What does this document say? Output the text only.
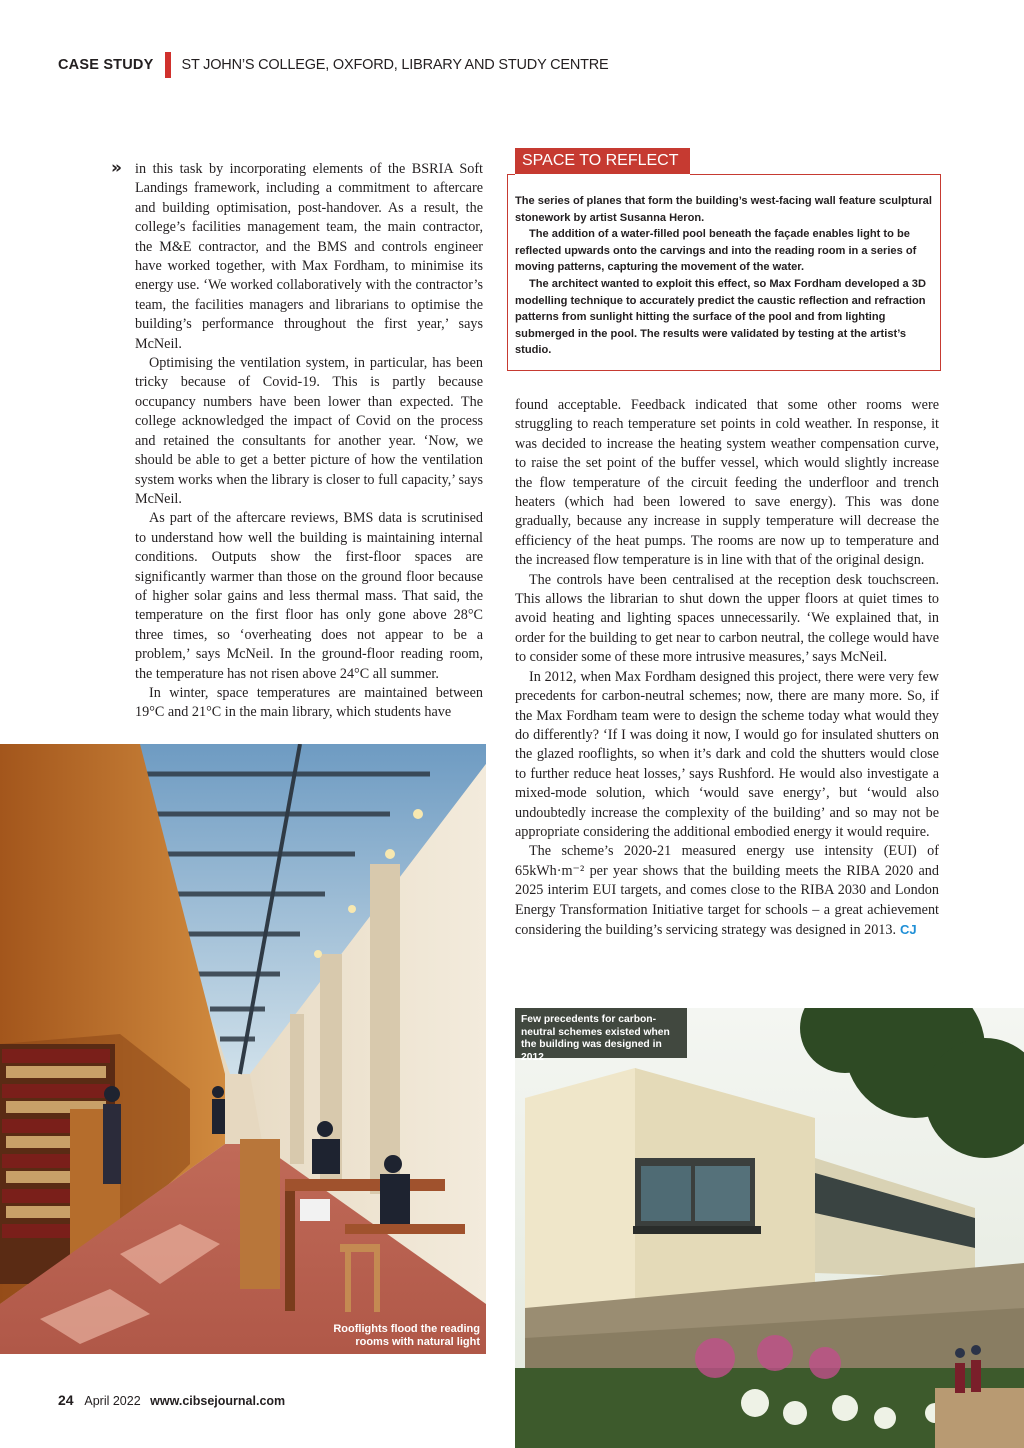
CASE STUDY ST JOHN’S COLLEGE, OXFORD, LIBRARY AND STUDY CENTRE
» in this task by incorporating elements of the BSRIA Soft Landings framework, including a commitment to aftercare and building optimisation, post-handover. As a result, the college’s facilities management team, the main contractor, the M&E contractor, and the BMS and controls engineer have worked together, with Max Fordham, to minimise its energy use. ‘We worked collaboratively with the contractor’s team, the facilities managers and librarians to optimise the building’s performance throughout the first year,’ says McNeil.

Optimising the ventilation system, in particular, has been tricky because of Covid-19. This is partly because occupancy numbers have been lower than expected. The college acknowledged the impact of Covid on the process and retained the consultants for another year. ‘Now, we should be able to get a better picture of how the ventilation system works when the library is closer to full capacity,’ says McNeil.

As part of the aftercare reviews, BMS data is scrutinised to understand how well the building is maintaining internal conditions. Outputs show the first-floor spaces are significantly warmer than those on the ground floor because of higher solar gains and less thermal mass. That said, the temperature on the first floor has only gone above 28°C three times, so ‘overheating does not appear to be a problem,’ says McNeil. In the ground-floor reading room, the temperature has not risen above 24°C all summer.

In winter, space temperatures are maintained between 19°C and 21°C in the main library, which students have

SPACE TO REFLECT

The series of planes that form the building’s west-facing wall feature sculptural stonework by artist Susanna Heron.

The addition of a water-filled pool beneath the façade enables light to be reflected upwards onto the carvings and into the reading room in a series of moving patterns, capturing the movement of the water.

The architect wanted to exploit this effect, so Max Fordham developed a 3D modelling technique to accurately predict the caustic reflection and refraction patterns from sunlight hitting the surface of the pool and from lighting submerged in the pool. The results were validated by testing at the artist’s studio.

found acceptable. Feedback indicated that some other rooms were struggling to reach temperature set points in cold weather. In response, it was decided to increase the heating system weather compensation curve, to raise the set point of the buffer vessel, which would slightly increase the flow temperature of the circuit feeding the underfloor and trench heaters (which had been lowered to save energy). This was done gradually, because any increase in supply temperature will decrease the efficiency of the heat pumps. The rooms are now up to temperature and the increased flow temperature is in line with that of the original design.

The controls have been centralised at the reception desk touchscreen. This allows the librarian to shut down the upper floors at quiet times to avoid heating and lighting spaces unnecessarily. ‘We explained that, in order for the building to get near to carbon neutral, the college would have to consider some of these more intrusive measures,’ says McNeil.

In 2012, when Max Fordham designed this project, there were very few precedents for carbon-neutral schemes; now, there are many more. So, if the Max Fordham team were to design the scheme today what would they do differently? ‘If I was doing it now, I would go for insulated shutters on the glazed rooflights, so when it’s dark and cold the shutters would close to further reduce heat losses,’ says Rushford. He would also investigate a mixed-mode solution, which ‘would save energy’, but ‘would also undoubtedly increase the complexity of the building’ and so may not be appropriate considering the additional embodied energy it would require.

The scheme’s 2020-21 measured energy use intensity (EUI) of 65kWh·m⁻² per year shows that the building meets the RIBA 2020 and 2025 interim EUI targets, and comes close to the RIBA 2030 and London Energy Transformation Initiative target for schools – a great achievement considering the building’s servicing strategy was designed in 2013. CJ

Rooflights flood the reading rooms with natural light
Few precedents for carbon-neutral schemes existed when the building was designed in 2012
24 April 2022 www.cibsejournal.com
